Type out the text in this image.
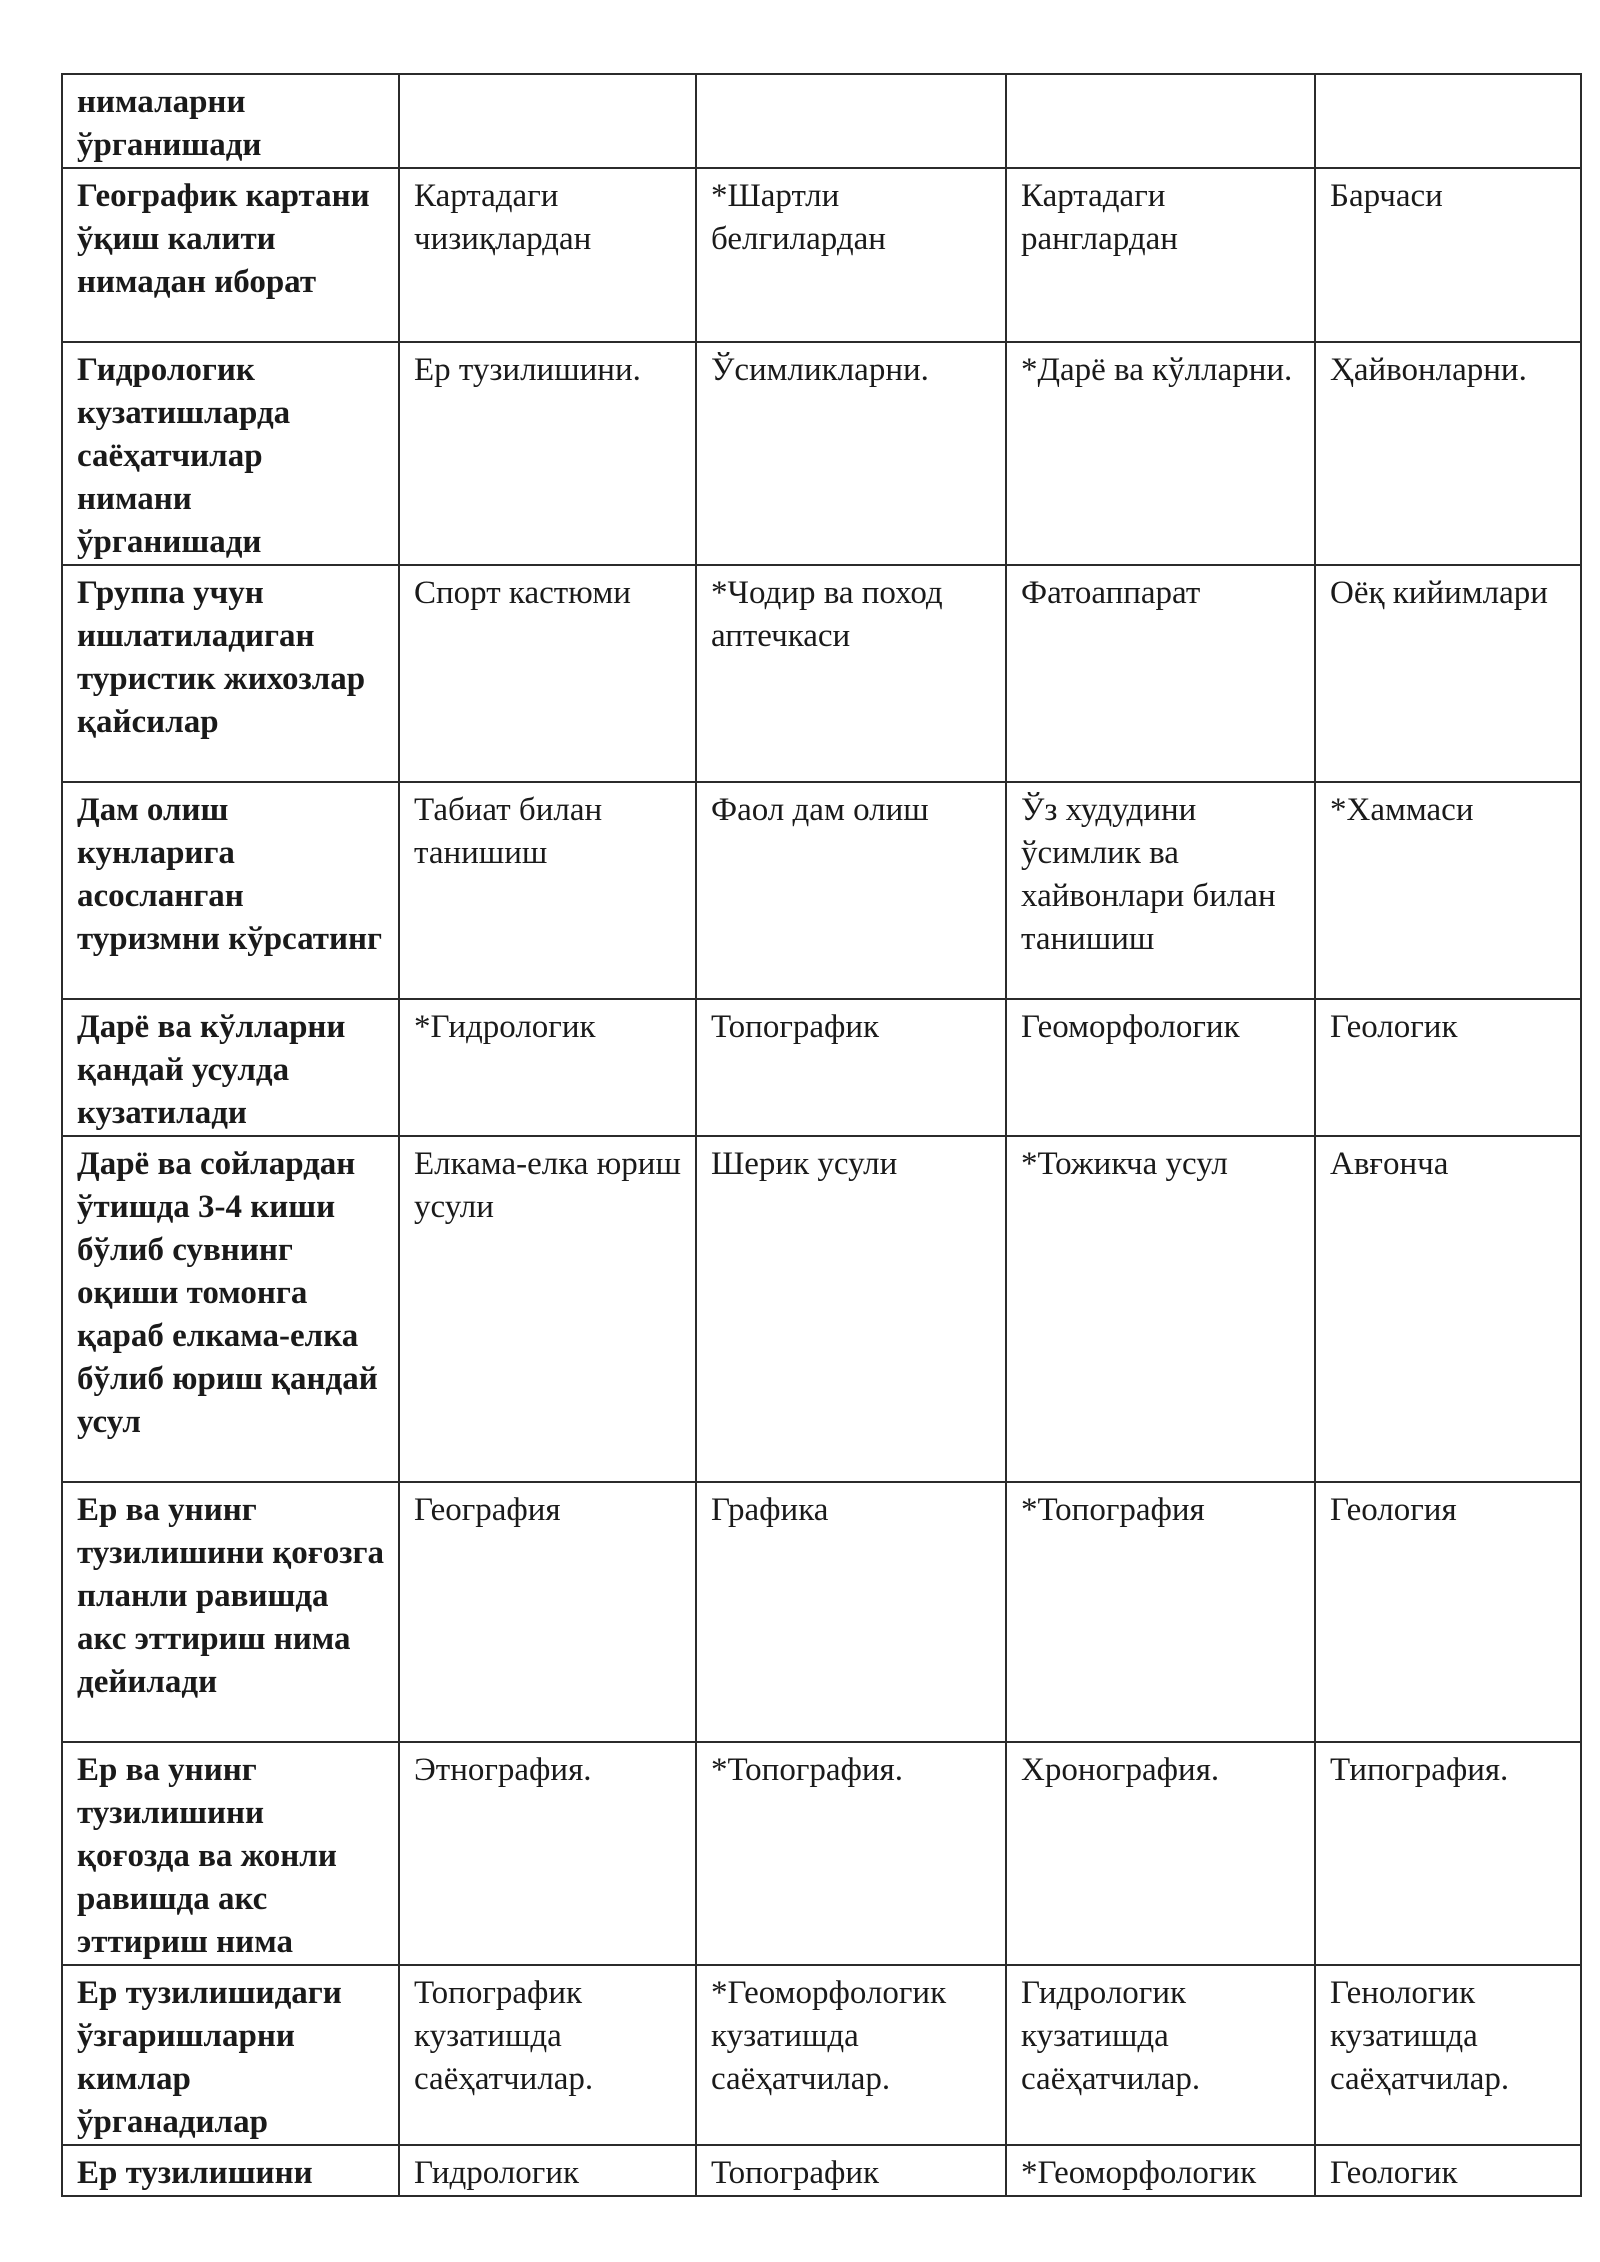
нималарни ўрганишади				
Географик картани ўқиш калити нимадан иборат	Картадаги чизиқлардан	*Шартли белгилардан	Картадаги ранглардан	Барчаси
Гидрологик кузатишларда саёҳатчилар нимани ўрганишади	Ер тузилишини.	Ўсимликларни.	*Дарё ва кўлларни.	Ҳайвонларни.
Группа учун ишлатиладиган туристик жихозлар қайсилар	Спорт кастюми	*Чодир ва поход аптечкаси	Фатоаппарат	Оёқ кийимлари
Дам олиш кунларига асосланган туризмни кўрсатинг	Табиат билан танишиш	Фаол дам олиш	Ўз худудини ўсимлик ва хайвонлари билан танишиш	*Хаммаси
Дарё ва кўлларни қандай усулда кузатилади	*Гидрологик	Топографик	Геоморфологик	Геологик
Дарё ва сойлардан ўтишда 3-4 киши бўлиб сувнинг оқиши томонга қараб елкама-елка бўлиб юриш қандай усул	Елкама-елка юриш усули	Шерик усули	*Тожикча усул	Авғонча
Ер ва унинг тузилишини қоғозга планли равишда акс эттириш нима дейилади	География	Графика	*Топография	Геология
Ер ва унинг тузилишини қоғозда ва жонли равишда акс эттириш нима	Этнография.	*Топография.	Хронография.	Типография.
Ер тузилишидаги ўзгаришларни кимлар ўрганадилар	Топографик кузатишда саёҳатчилар.	*Геоморфологик кузатишда саёҳатчилар.	Гидрологик кузатишда саёҳатчилар.	Генологик кузатишда саёҳатчилар.
Ер тузилишини	Гидрологик	Топографик	*Геоморфологик	Геологик
